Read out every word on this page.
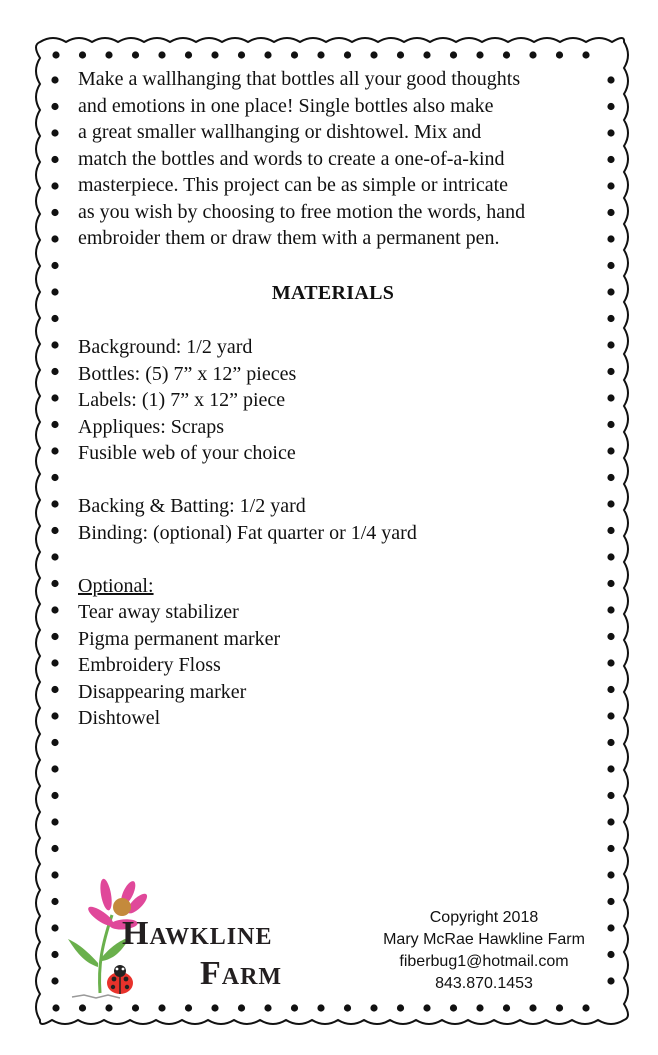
Make a wallhanging that bottles all your good thoughts

and emotions in one place! Single bottles also make

a great smaller wallhanging or dishtowel. Mix and

match the bottles and words to create a one-of-a-kind

masterpiece. This project can be as simple or intricate

as you wish by choosing to free motion the words, hand

embroider them or draw them with a permanent pen.

MATERIALS
Background: 1/2 yard
Bottles: (5) 7” x 12” pieces
Labels: (1) 7” x 12” piece
Appliques: Scraps
Fusible web of your choice
Backing & Batting: 1/2 yard
Binding: (optional) Fat quarter or 1/4 yard
Optional:
Tear away stabilizer
Pigma permanent marker
Embroidery Floss
Disappearing marker
Dishtowel
Hawkline
Farm
Copyright 2018
Mary McRae Hawkline Farm
fiberbug1@hotmail.com
843.870.1453
